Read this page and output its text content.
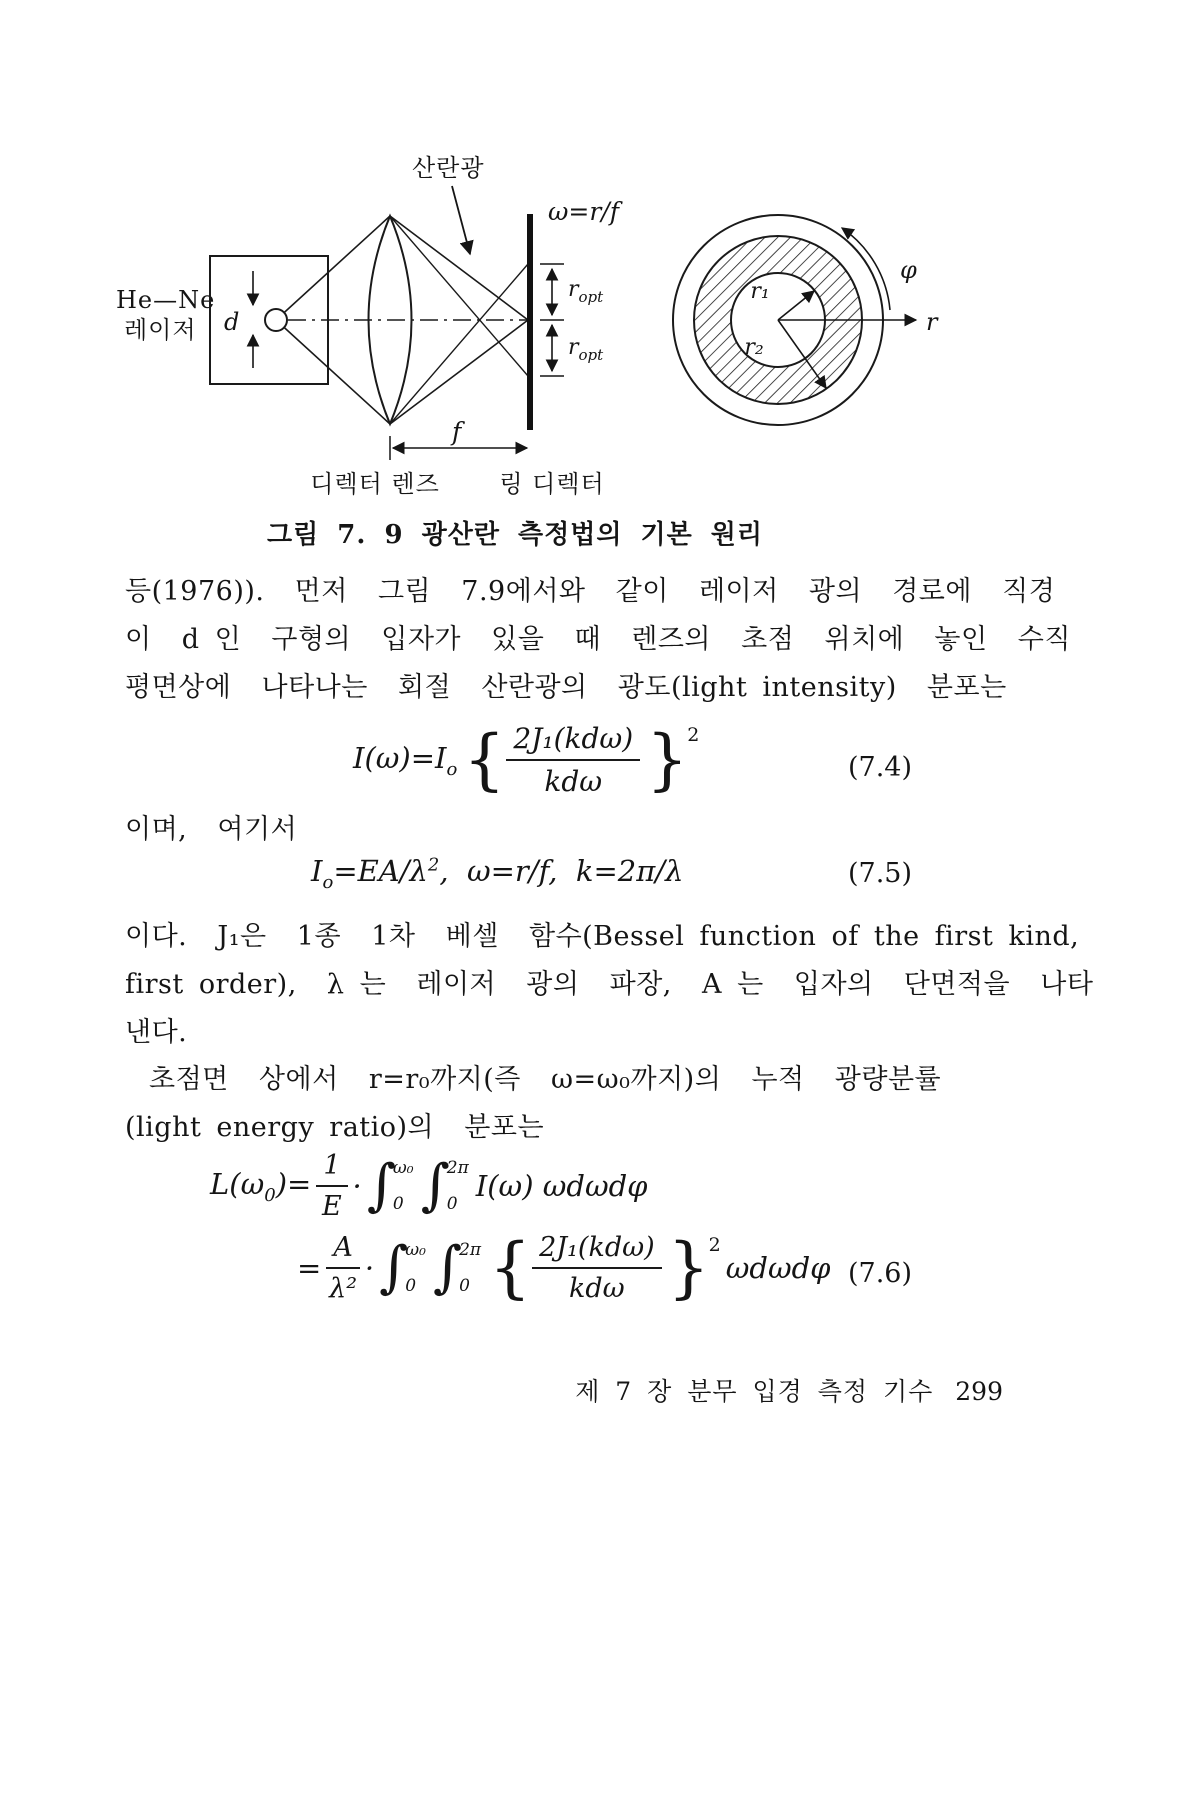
산란광
ω=r/f
He—Ne
레이저 d
$r_{opt}$
$r_{opt}$
f
디렉터 렌즈 링 디렉터
r₁
r₂
φ
r
그림 7. 9 광산란 측정법의 기본 원리
등(1976)).  먼저  그림  7.9에서와  같이  레이저  광의  경로에  직경
이  d 인  구형의  입자가  있을  때  렌즈의  초점  위치에  놓인  수직
평면상에  나타나는  회절  산란광의  광도(light intensity)  분포는
$I(\omega)=I_o$ { $\frac{\text{2J₁(kdω)}}{\text{kdω}}$ } 2
(7.4)
이며,  여기서
$I_o=EA/\lambda^2$,  ω=r/f,  k=2π/λ	(7.5)
이다.  J₁은  1종  1차  베셀  함수(Bessel function of the first kind,
first order),  λ 는  레이저  광의  파장,  A 는  입자의  단면적을  나타
낸다.
초점면  상에서  r=r₀까지(즉  ω=ω₀까지)의  누적  광량분률
(light energy ratio)의  분포는
$L(\omega_0)= \frac{1}{E}$ · ∫
ω₀
0 ∫
2π
0
I(ω) ωdωdφ
= $\frac{A}{\text{λ²}}$ · ∫
ω₀
0 ∫
2π
0 { $\frac{\text{2J₁(kdω)}}{\text{kdω}}$ } 2
ωdωdφ (7.6)
제 7 장 분무 입경 측정 기수 299
